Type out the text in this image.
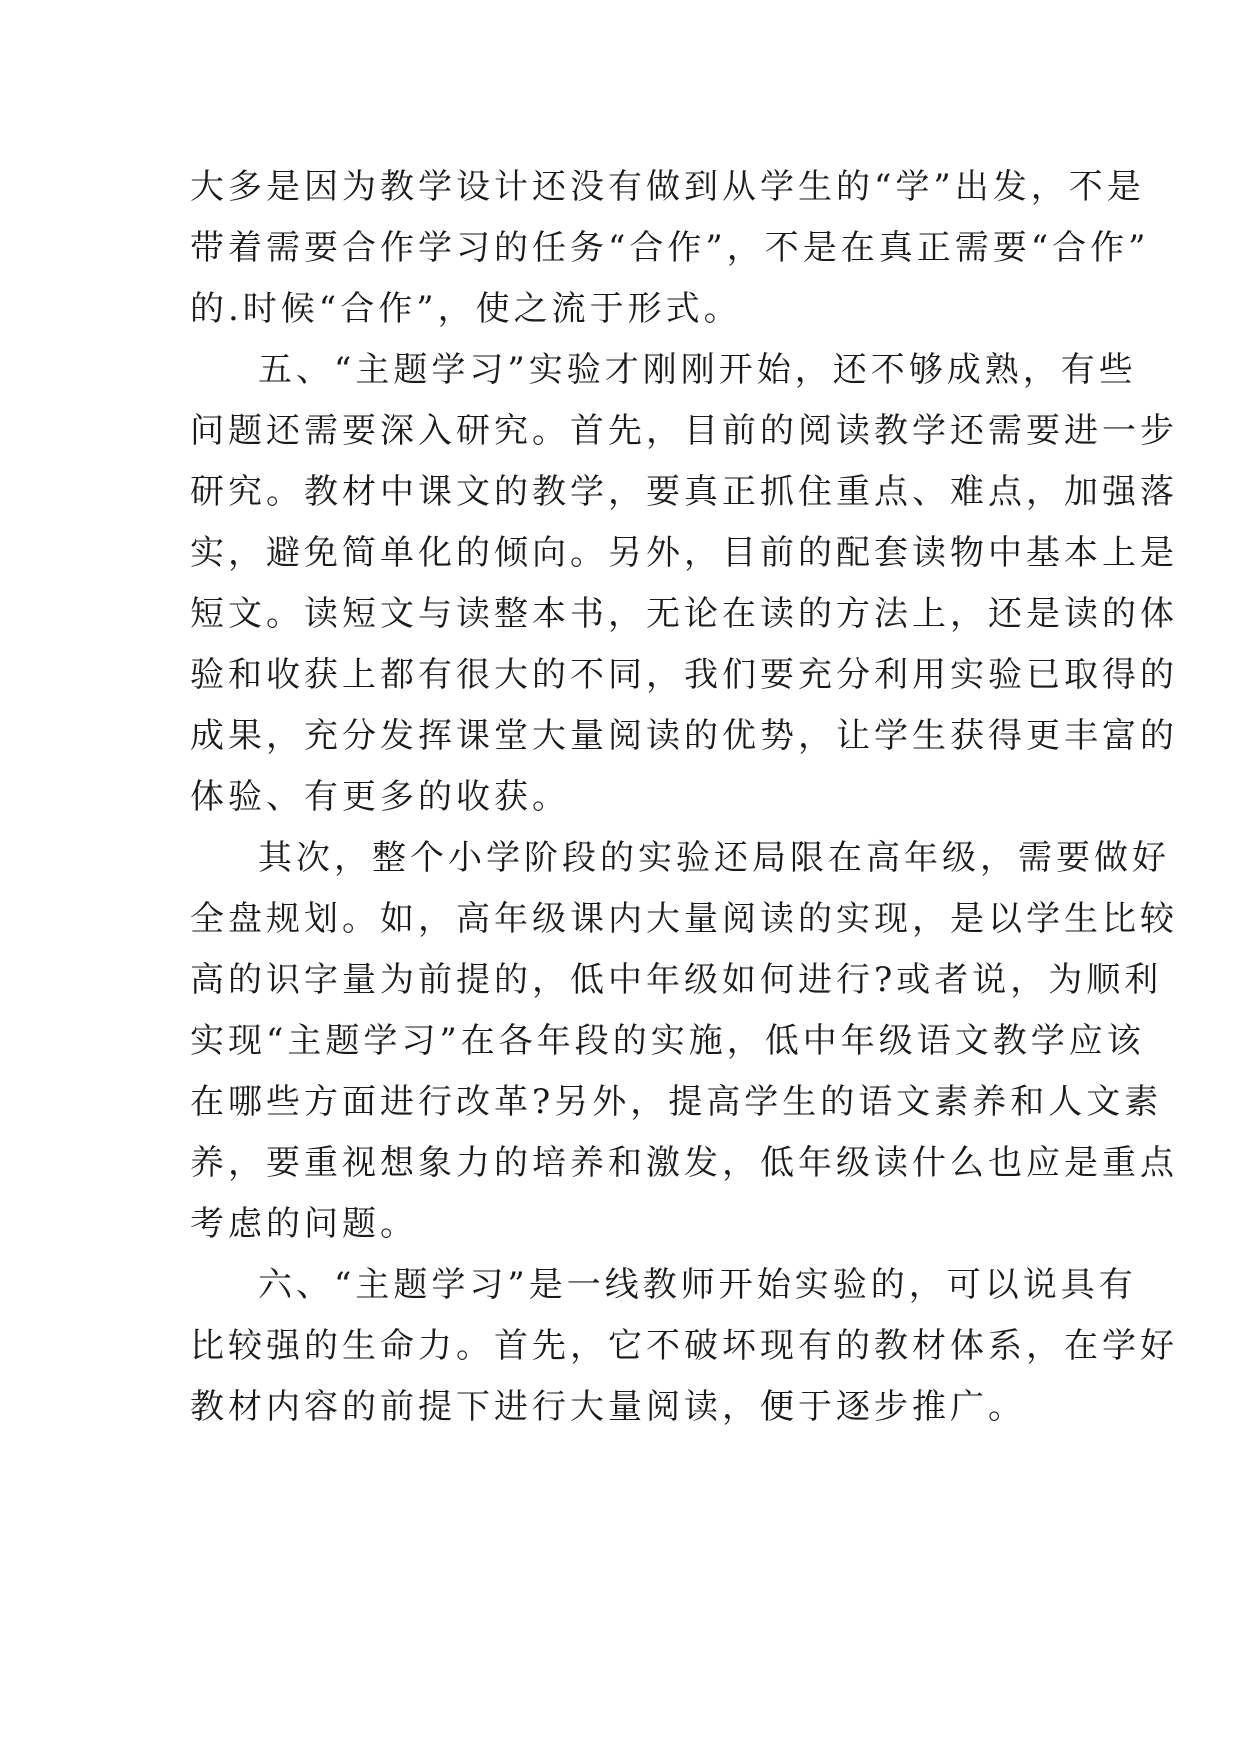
大多是因为教学设计还没有做到从学生的“学”出发，不是
带着需要合作学习的任务“合作”，不是在真正需要“合作”
的.时候“合作”，使之流于形式。
五、“主题学习”实验才刚刚开始，还不够成熟，有些
问题还需要深入研究。首先，目前的阅读教学还需要进一步
研究。教材中课文的教学，要真正抓住重点、难点，加强落
实，避免简单化的倾向。另外，目前的配套读物中基本上是
短文。读短文与读整本书，无论在读的方法上，还是读的体
验和收获上都有很大的不同，我们要充分利用实验已取得的
成果，充分发挥课堂大量阅读的优势，让学生获得更丰富的
体验、有更多的收获。
其次，整个小学阶段的实验还局限在高年级，需要做好
全盘规划。如，高年级课内大量阅读的实现，是以学生比较
高的识字量为前提的，低中年级如何进行?或者说，为顺利
实现“主题学习”在各年段的实施，低中年级语文教学应该
在哪些方面进行改革?另外，提高学生的语文素养和人文素
养，要重视想象力的培养和激发，低年级读什么也应是重点
考虑的问题。
六、“主题学习”是一线教师开始实验的，可以说具有
比较强的生命力。首先，它不破坏现有的教材体系，在学好
教材内容的前提下进行大量阅读，便于逐步推广。
